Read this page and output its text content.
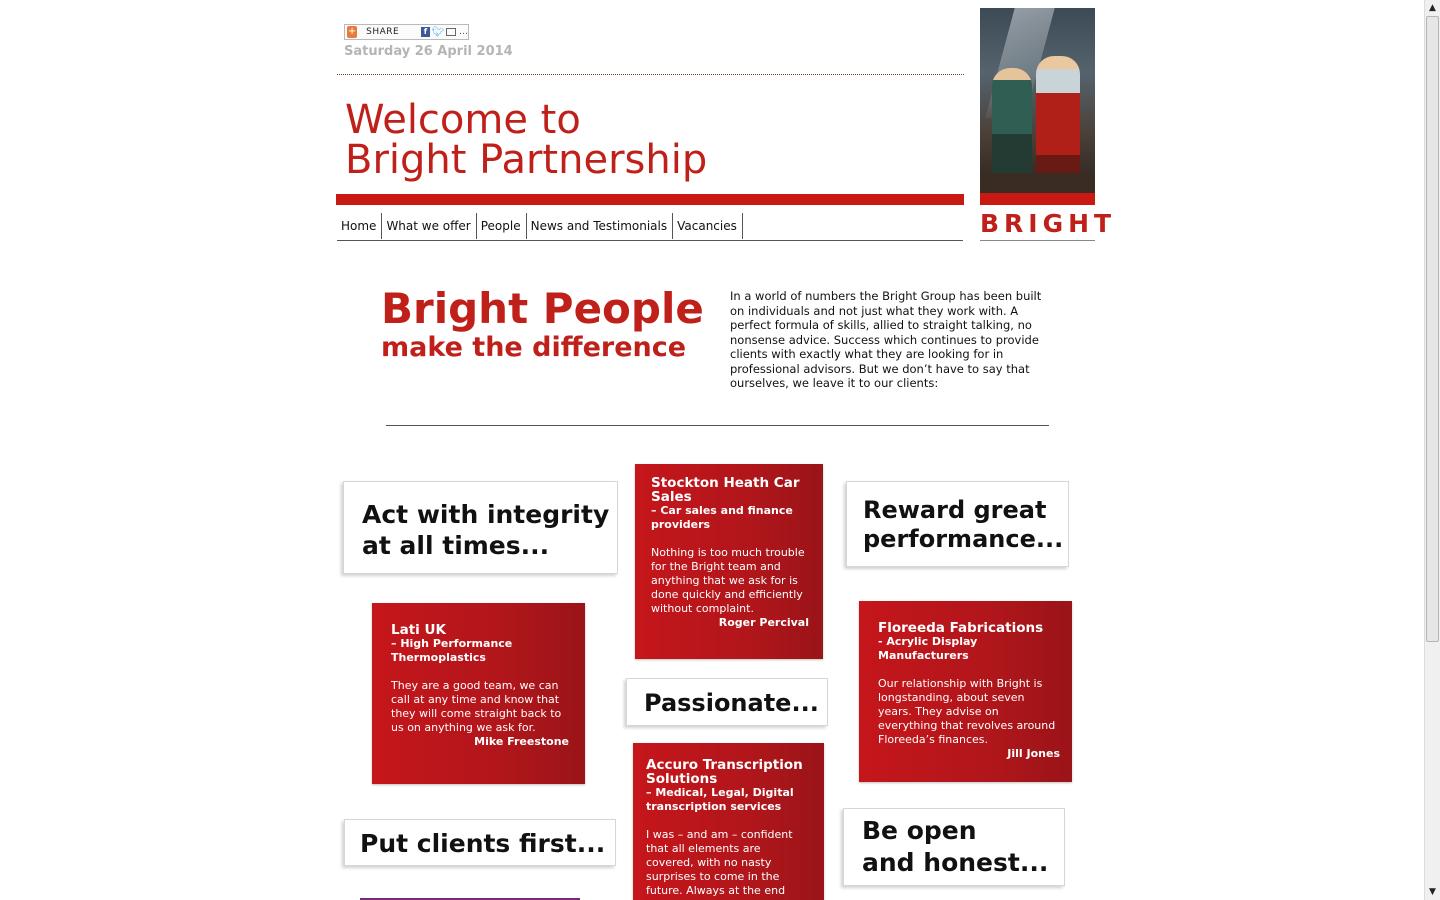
▲
▼
+ SHARE	f 🐦︎ …
Saturday 26 April 2014
Welcome to
Bright Partnership
Home What we offer People News and Testimonials Vacancies	BRIGHT
Bright People
make the difference

In a world of numbers the Bright Group has been built on individuals and not just what they work with. A perfect formula of skills, allied to straight talking, no nonsense advice. Success which continues to provide clients with exactly what they are looking for in professional advisors. But we don’t have to say that ourselves, we leave it to our clients:

Act with integrity
at all times...
Reward great
performance...
Passionate...
Put clients first...	Be open
and honest...
Stockton Heath Car Sales
– Car sales and finance providers
Nothing is too much trouble for the Bright team and anything that we ask for is done quickly and efficiently without complaint.
Roger Percival
Lati UK
– High Performance Thermoplastics
They are a good team, we can call at any time and know that they will come straight back to us on anything we ask for.
Mike Freestone
Floreeda Fabrications
- Acrylic Display Manufacturers
Our relationship with Bright is longstanding, about seven years. They advise on everything that revolves around Floreeda’s finances.
Jill Jones
Accuro Transcription Solutions
– Medical, Legal, Digital transcription services
I was – and am – confident that all elements are covered, with no nasty surprises to come in the future. Always at the end
